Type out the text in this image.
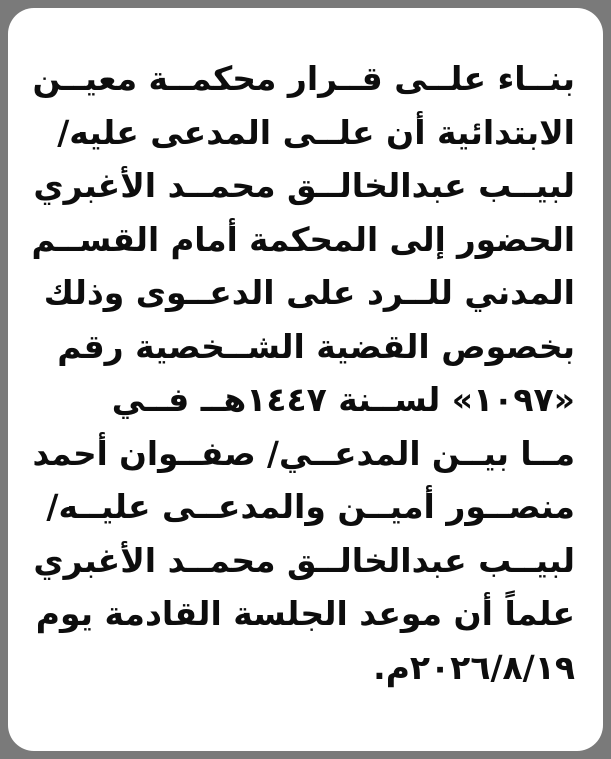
بنــاء علــى قــرار محكمــة معيــن
الابتدائية أن علــى المدعى عليه/
لبيــب عبدالخالــق محمــد الأغبري
الحضور إلى المحكمة أمام القســم
المدني للــرد على الدعــوى وذلك
بخصوص القضية الشــخصية رقم
«١٠٩٧» لســنة ١٤٤٧هــ فــي
مــا بيــن المدعــي/ صفــوان أحمد
منصــور أميــن والمدعــى عليــه/
لبيــب عبدالخالــق محمــد الأغبري
علماً أن موعد الجلسة القادمة يوم
٢٠٢٦/٨/١٩م.
